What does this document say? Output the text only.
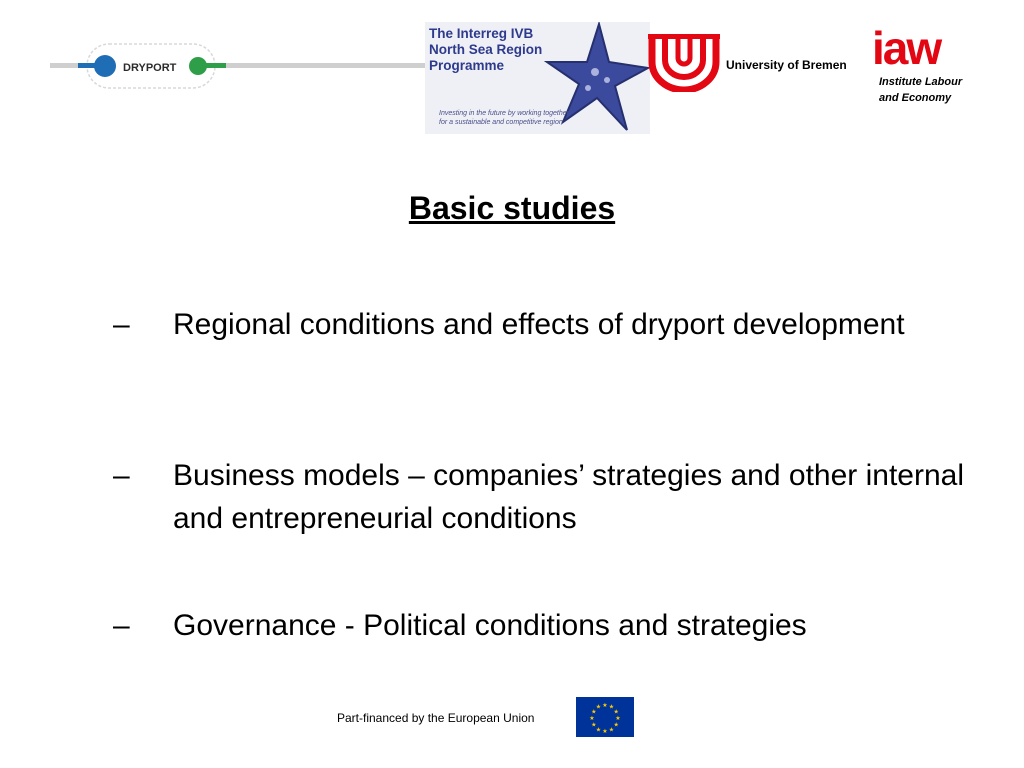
DRYPORT
The Interreg IVB
North Sea Region
Programme
Investing in the future by working together
for a sustainable and competitive region
University of Bremen iaw
Institute Labour
and Economy
Basic studies
–	Regional conditions and effects of dryport development
–	Business models – companies’ strategies and other internal and entrepreneurial conditions
–	Governance - Political conditions and strategies
Part-financed by the European Union
★ ★
★
★
★
★
★
★
★
★
★
★
